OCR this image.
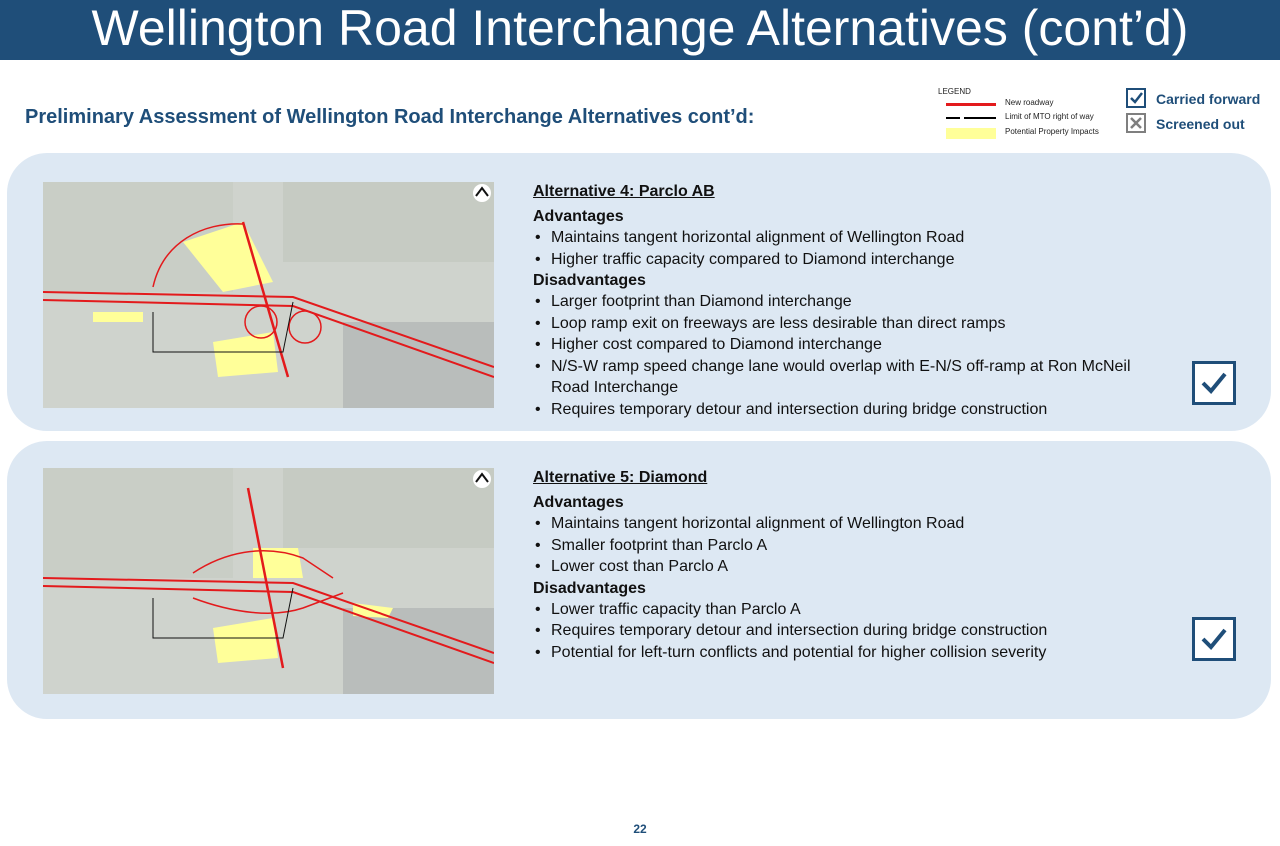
Wellington Road Interchange Alternatives (cont’d)
Preliminary Assessment of Wellington Road Interchange Alternatives cont’d:
LEGEND
New roadway
Limit of MTO right of way
Potential Property Impacts
Carried forward
Screened out
Alternative 4: Parclo AB
Advantages
• Maintains tangent horizontal alignment of Wellington Road
• Higher traffic capacity compared to Diamond interchange
Disadvantages
• Larger footprint than Diamond interchange
• Loop ramp exit on freeways are less desirable than direct ramps
• Higher cost compared to Diamond interchange
• N/S-W ramp speed change lane would overlap with E-N/S off-ramp at Ron McNeil Road Interchange
• Requires temporary detour and intersection during bridge construction
Alternative 5: Diamond
Advantages
• Maintains tangent horizontal alignment of Wellington Road
• Smaller footprint than Parclo A
• Lower cost than Parclo A
Disadvantages
• Lower traffic capacity than Parclo A
• Requires temporary detour and intersection during bridge construction
• Potential for left-turn conflicts and potential for higher collision severity
22
